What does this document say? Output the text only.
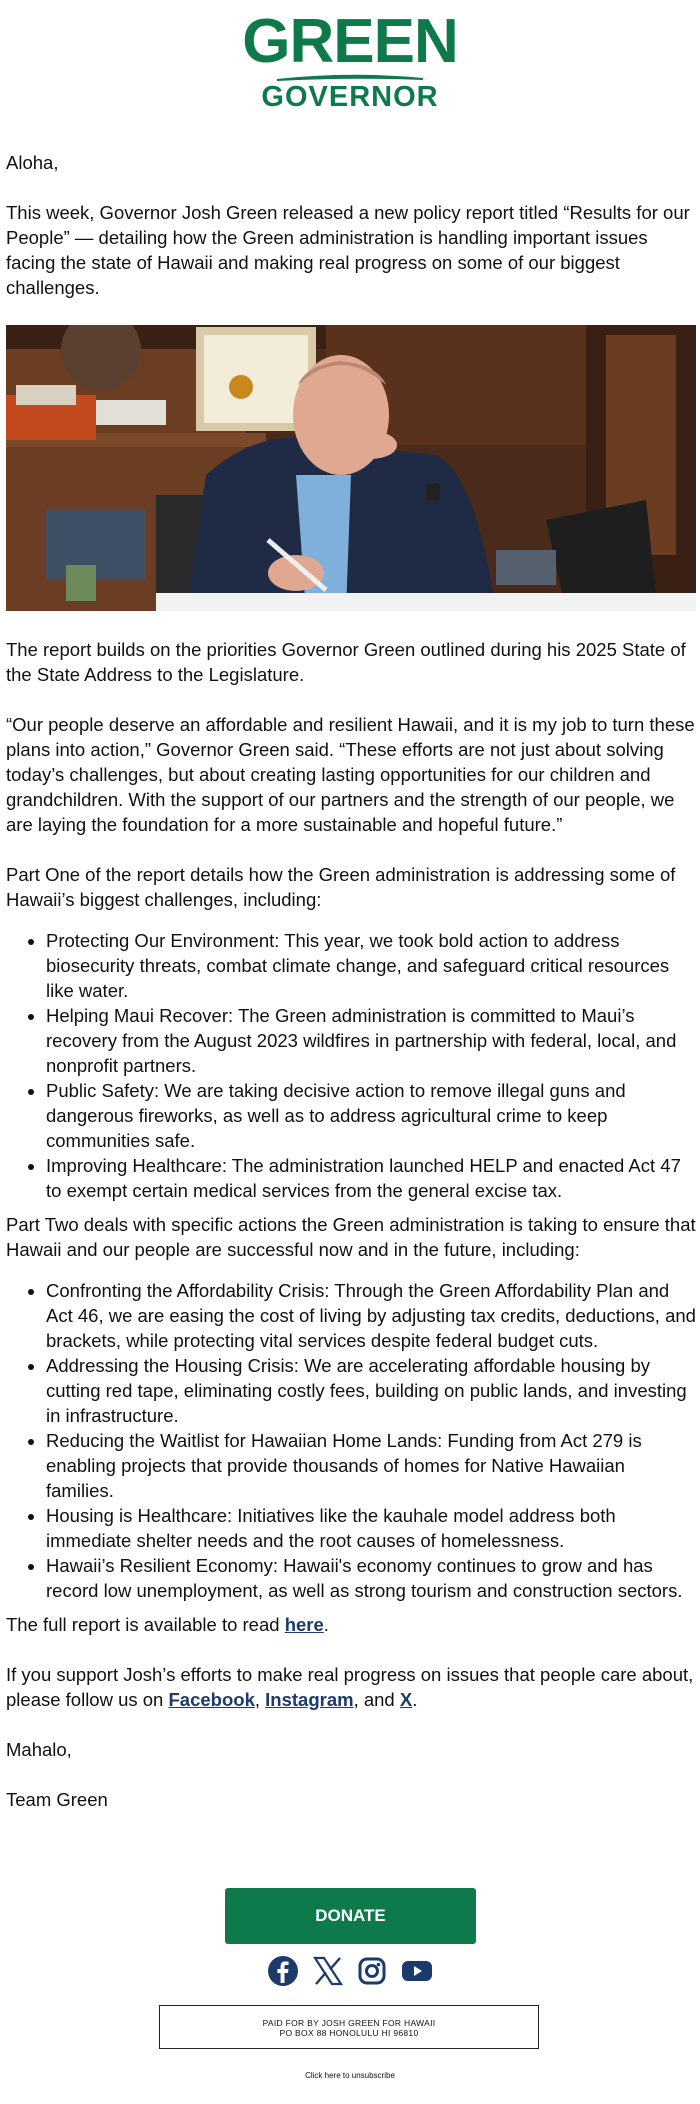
GREEN
GOVERNOR

Aloha,

This week, Governor Josh Green released a new policy report titled “Results for our People” — detailing how the Green administration is handling important issues facing the state of Hawaii and making real progress on some of our biggest challenges.

The report builds on the priorities Governor Green outlined during his 2025 State of the State Address to the Legislature.

“Our people deserve an affordable and resilient Hawaii, and it is my job to turn these plans into action,” Governor Green said. “These efforts are not just about solving today’s challenges, but about creating lasting opportunities for our children and grandchildren. With the support of our partners and the strength of our people, we are laying the foundation for a more sustainable and hopeful future.”

Part One of the report details how the Green administration is addressing some of Hawaii’s biggest challenges, including:

• Protecting Our Environment: This year, we took bold action to address biosecurity threats, combat climate change, and safeguard critical resources like water.
• Helping Maui Recover: The Green administration is committed to Maui’s recovery from the August 2023 wildfires in partnership with federal, local, and nonprofit partners.
• Public Safety: We are taking decisive action to remove illegal guns and dangerous fireworks, as well as to address agricultural crime to keep communities safe.
• Improving Healthcare: The administration launched HELP and enacted Act 47 to exempt certain medical services from the general excise tax.

Part Two deals with specific actions the Green administration is taking to ensure that Hawaii and our people are successful now and in the future, including:

• Confronting the Affordability Crisis: Through the Green Affordability Plan and Act 46, we are easing the cost of living by adjusting tax credits, deductions, and brackets, while protecting vital services despite federal budget cuts.
• Addressing the Housing Crisis: We are accelerating affordable housing by cutting red tape, eliminating costly fees, building on public lands, and investing in infrastructure.
• Reducing the Waitlist for Hawaiian Home Lands: Funding from Act 279 is enabling projects that provide thousands of homes for Native Hawaiian families.
• Housing is Healthcare: Initiatives like the kauhale model address both immediate shelter needs and the root causes of homelessness.
• Hawaii’s Resilient Economy: Hawaii's economy continues to grow and has record low unemployment, as well as strong tourism and construction sectors.

The full report is available to read here.

If you support Josh’s efforts to make real progress on issues that people care about, please follow us on Facebook, Instagram, and X.

Mahalo,

Team Green

DONATE

PAID FOR BY JOSH GREEN FOR HAWAII
PO BOX 88 HONOLULU HI 96810
Click here to unsubscribe
